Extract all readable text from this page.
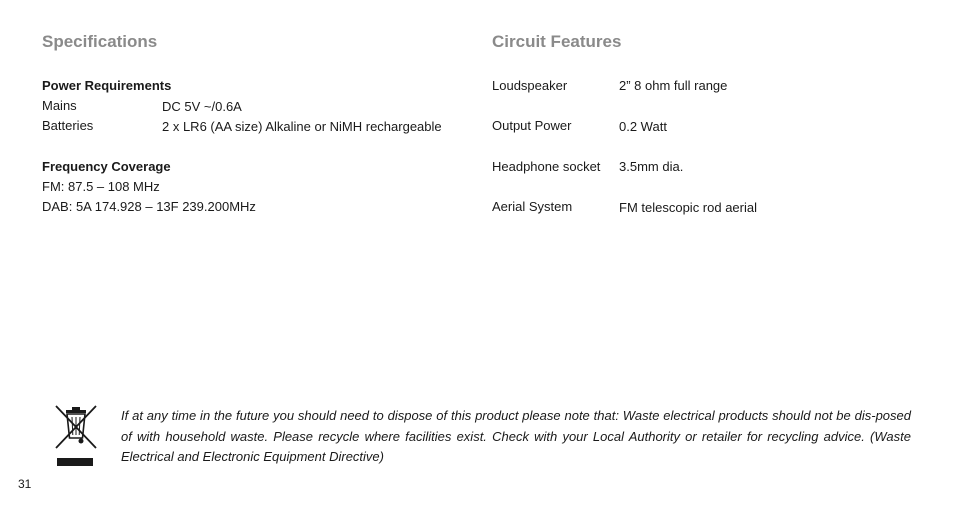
Specifications
Power Requirements
Mains	DC 5V ~/0.6A
Batteries	2 x LR6 (AA size) Alkaline or NiMH rechargeable
Frequency Coverage
FM: 87.5 – 108 MHz
DAB: 5A 174.928 – 13F 239.200MHz
Circuit Features
Loudspeaker	2” 8 ohm full range
Output Power	0.2 Watt
Headphone socket 3.5mm dia.
Aerial System	FM telescopic rod aerial

If at any time in the future you should need to dispose of this product please note that: Waste electrical products should not be dis-posed of with household waste. Please recycle where facilities exist. Check with your Local Authority or retailer for recycling advice. (Waste Electrical and Electronic Equipment Directive)

31
